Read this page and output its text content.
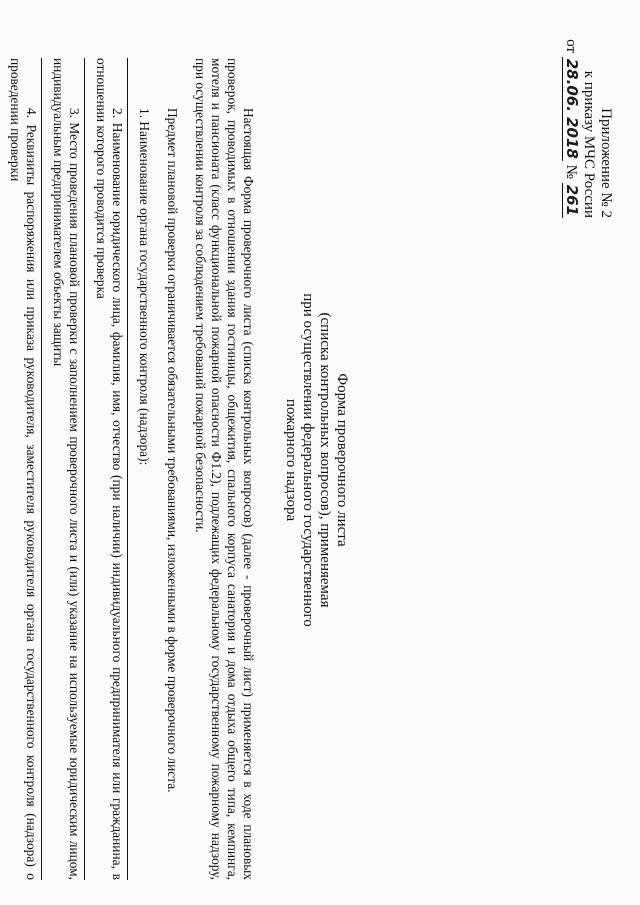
Приложение № 2
к приказу МЧС России
от 28.06. 2018 № 261
Форма проверочного листа
(списка контрольных вопросов), применяемая
при осуществлении федерального государственного
пожарного надзора

Настоящая Форма проверочного листа (списка контрольных вопросов) (далее - проверочный лист) применяется в ходе плановых проверок, проводимых в отношении здания гостиницы, общежития, спального корпуса санатория и дома отдыха общего типа, кемпинга, мотеля и пансионата (класс функциональной пожарной опасности Ф1.2), подлежащих федеральному государственному пожарному надзору, при осуществлении контроля за соблюдением требований пожарной безопасности.

Предмет плановой проверки ограничивается обязательными требованиями, изложенными в форме проверочного листа.

1. Наименование органа государственного контроля (надзора):

2. Наименование юридического лица, фамилия, имя, отчество (при наличии) индивидуального предпринимателя или гражданина, в отношении которого проводится проверка

3. Место проведения плановой проверки с заполнением проверочного листа и (или) указание на используемые юридическим лицом, индивидуальным предпринимателем объекты защиты

4. Реквизиты распоряжения или приказа руководителя, заместителя руководителя органа государственного контроля (надзора) о проведении проверки
